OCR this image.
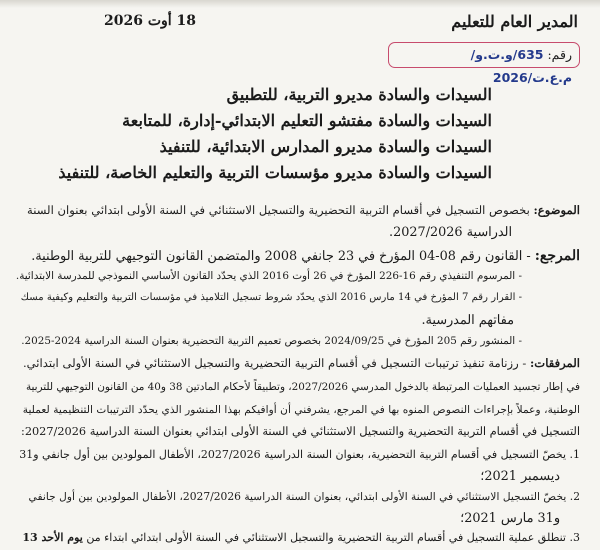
المدير العام للتعليم
18 أوت 2026
رقم: 635/و.ت.و/ م.ع.ت/2026
السيدات والسادة مديرو التربية، للتطبيق
السيدات والسادة مفتشو التعليم الابتدائي-إدارة، للمتابعة
السيدات والسادة مديرو المدارس الابتدائية، للتنفيذ
السيدات والسادة مديرو مؤسسات التربية والتعليم الخاصة، للتنفيذ
الموضوع: بخصوص التسجيل في أقسام التربية التحضيرية والتسجيل الاستثنائي في السنة الأولى ابتدائي بعنوان السنة
الدراسية 2027/2026.
المرجع: - القانون رقم 08-04 المؤرخ في 23 جانفي 2008 والمتضمن القانون التوجيهي للتربية الوطنية.
- المرسوم التنفيذي رقم 16-226 المؤرخ في 26 أوت 2016 الذي يحدّد القانون الأساسي النموذجي للمدرسة الابتدائية.
- القرار رقم 7 المؤرخ في 14 مارس 2016 الذي يحدّد شروط تسجيل التلاميذ في مؤسسات التربية والتعليم وكيفية مسك
مفاتهم المدرسية.
- المنشور رقم 205 المؤرخ في 2024/09/25 بخصوص تعميم التربية التحضيرية بعنوان السنة الدراسية 2024-2025.
المرفقات: - رزنامة تنفيذ ترتيبات التسجيل في أقسام التربية التحضيرية والتسجيل الاستثنائي في السنة الأولى ابتدائي.
في إطار تجسيد العمليات المرتبطة بالدخول المدرسي 2027/2026، وتطبيقاً لأحكام المادتين 38 و40 من القانون التوجيهي للتربية
الوطنية، وعملاً بإجراءات النصوص المنوه بها في المرجع، يشرفني أن أوافيكم بهذا المنشور الذي يحدّد الترتيبات التنظيمية لعملية
التسجيل في أقسام التربية التحضيرية والتسجيل الاستثنائي في السنة الأولى ابتدائي بعنوان السنة الدراسية 2027/2026:
1. يخصّ التسجيل في أقسام التربية التحضيرية، بعنوان السنة الدراسية 2027/2026، الأطفال المولودين بين أول جانفي و31
ديسمبر 2021؛
2. يخصّ التسجيل الاستثنائي في السنة الأولى ابتدائي، بعنوان السنة الدراسية 2027/2026، الأطفال المولودين بين أول جانفي
و31 مارس 2021؛
3. تنطلق عملية التسجيل في أقسام التربية التحضيرية والتسجيل الاستثنائي في السنة الأولى ابتدائي ابتداء من يوم الأحد 13
